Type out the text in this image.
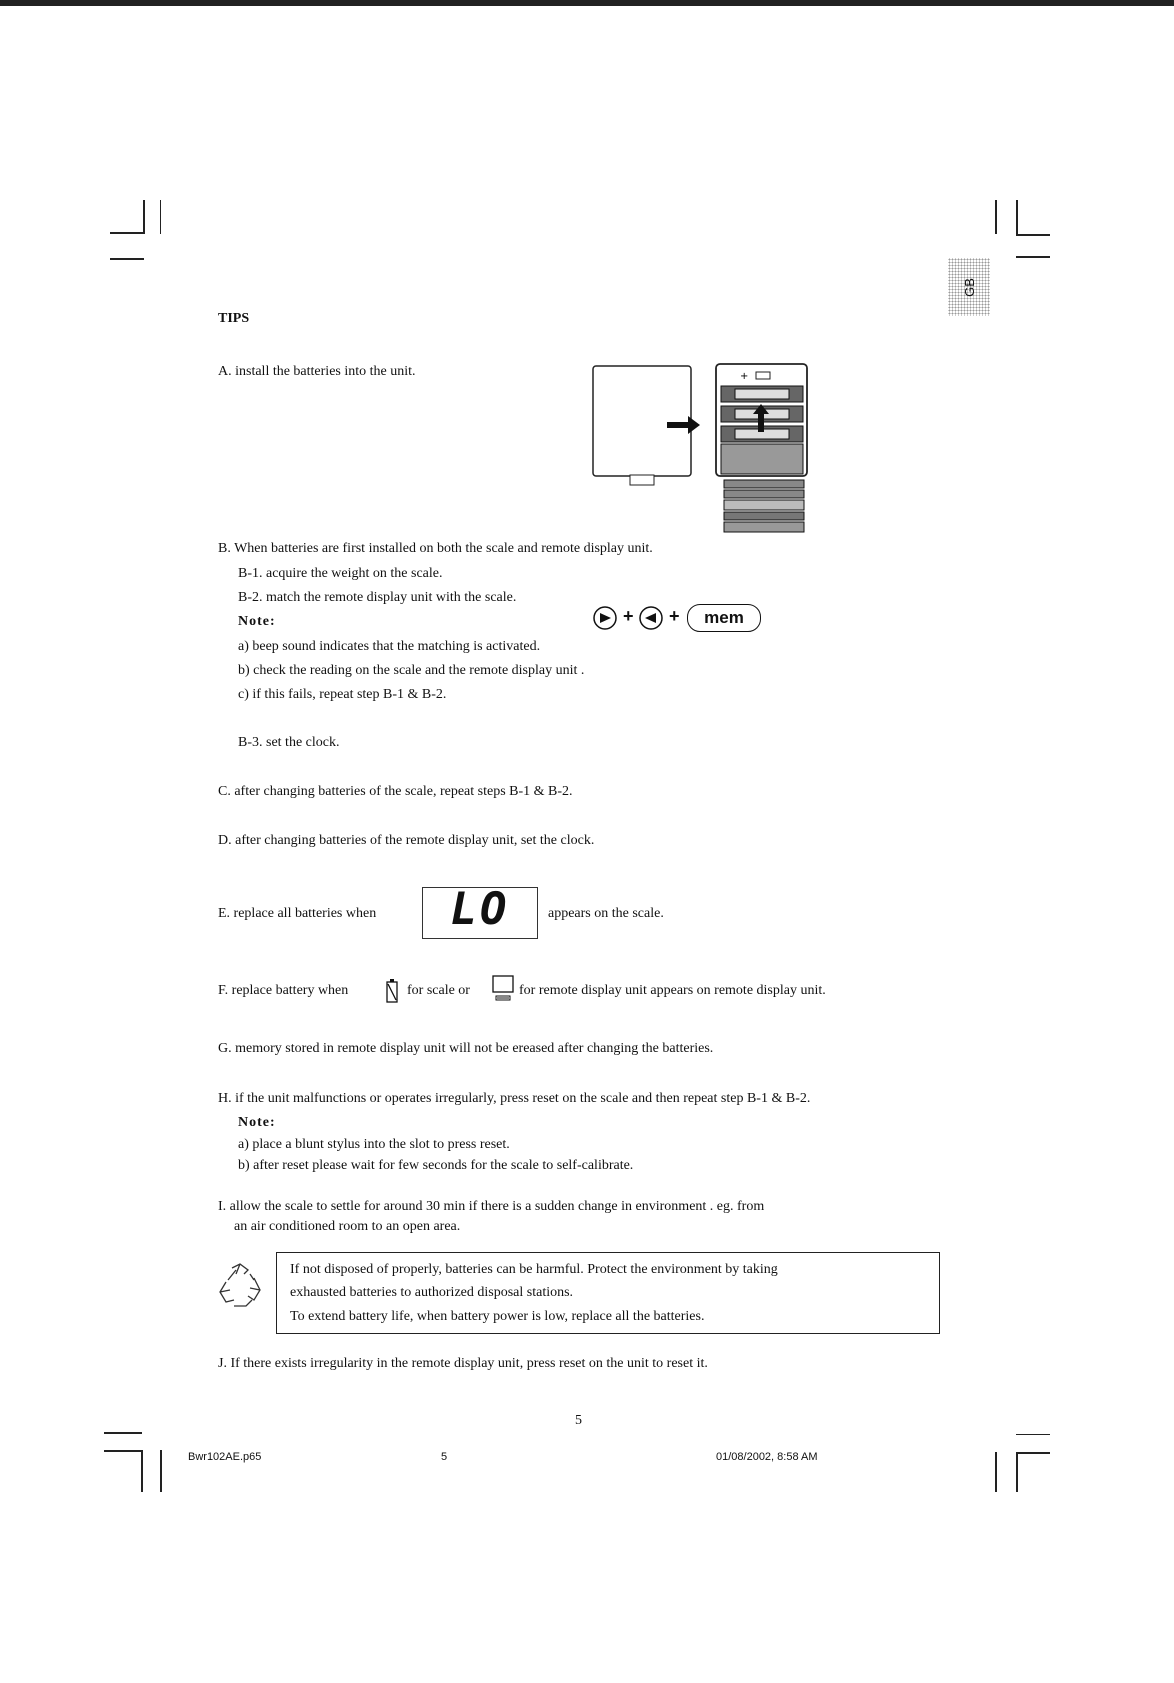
GB
TIPS
A. install the batteries into the unit.	+
B. When batteries are first installed on both the scale and remote display unit.
B-1. acquire the weight on the scale.
B-2. match the remote display unit with the scale.
Note:	+ +	mem
a) beep sound indicates that the matching is activated.
b) check the reading on the scale and the remote display unit .
c) if this fails, repeat step B-1 & B-2.
B-3. set the clock.
C. after changing batteries of the scale, repeat steps B-1 & B-2.
D. after changing batteries of the remote display unit, set the clock.
E. replace all batteries when	LO	appears on the scale.
F. replace battery when	for scale or	for remote display unit appears on remote display unit.
G. memory stored in remote display unit will not be ereased after changing the batteries.
H. if the unit malfunctions or operates irregularly, press reset on the scale and then repeat step B-1 & B-2.
Note:
a) place a blunt stylus into the slot to press reset.
b) after reset please wait for few seconds for the scale to self-calibrate.
I. allow the scale to settle for around 30 min if there is a sudden change in environment . eg. from
an air conditioned room to an open area.
If not disposed of properly, batteries can be harmful. Protect the environment by taking
exhausted batteries to authorized disposal stations.
To extend battery life, when battery power is low, replace all the batteries.
J. If there exists irregularity in the remote display unit, press reset on the unit to reset it.
5
Bwr102AE.p65	5	01/08/2002, 8:58 AM
